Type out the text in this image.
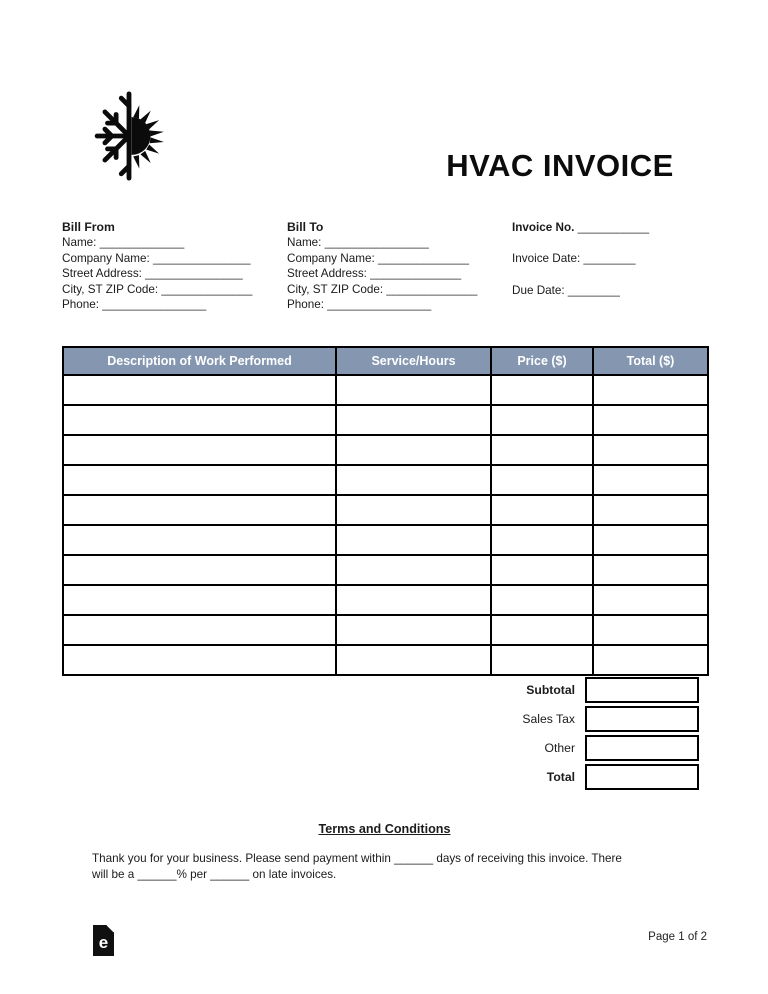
HVAC INVOICE
Bill From
Name: _____________
Company Name: _______________
Street Address: _______________
City, ST ZIP Code: ______________
Phone: ________________
Bill To
Name: ________________
Company Name: ______________
Street Address: ______________
City, ST ZIP Code: ______________
Phone: ________________
Invoice No. ___________
Invoice Date: ________
Due Date: ________
Description of Work Performed	Service/Hours	Price ($)	Total ($)

Subtotal
Sales Tax
Other
Total
Terms and Conditions
Thank you for your business. Please send payment within ______ days of receiving this invoice. There
will be a ______% per ______ on late invoices.
e	Page 1 of 2
